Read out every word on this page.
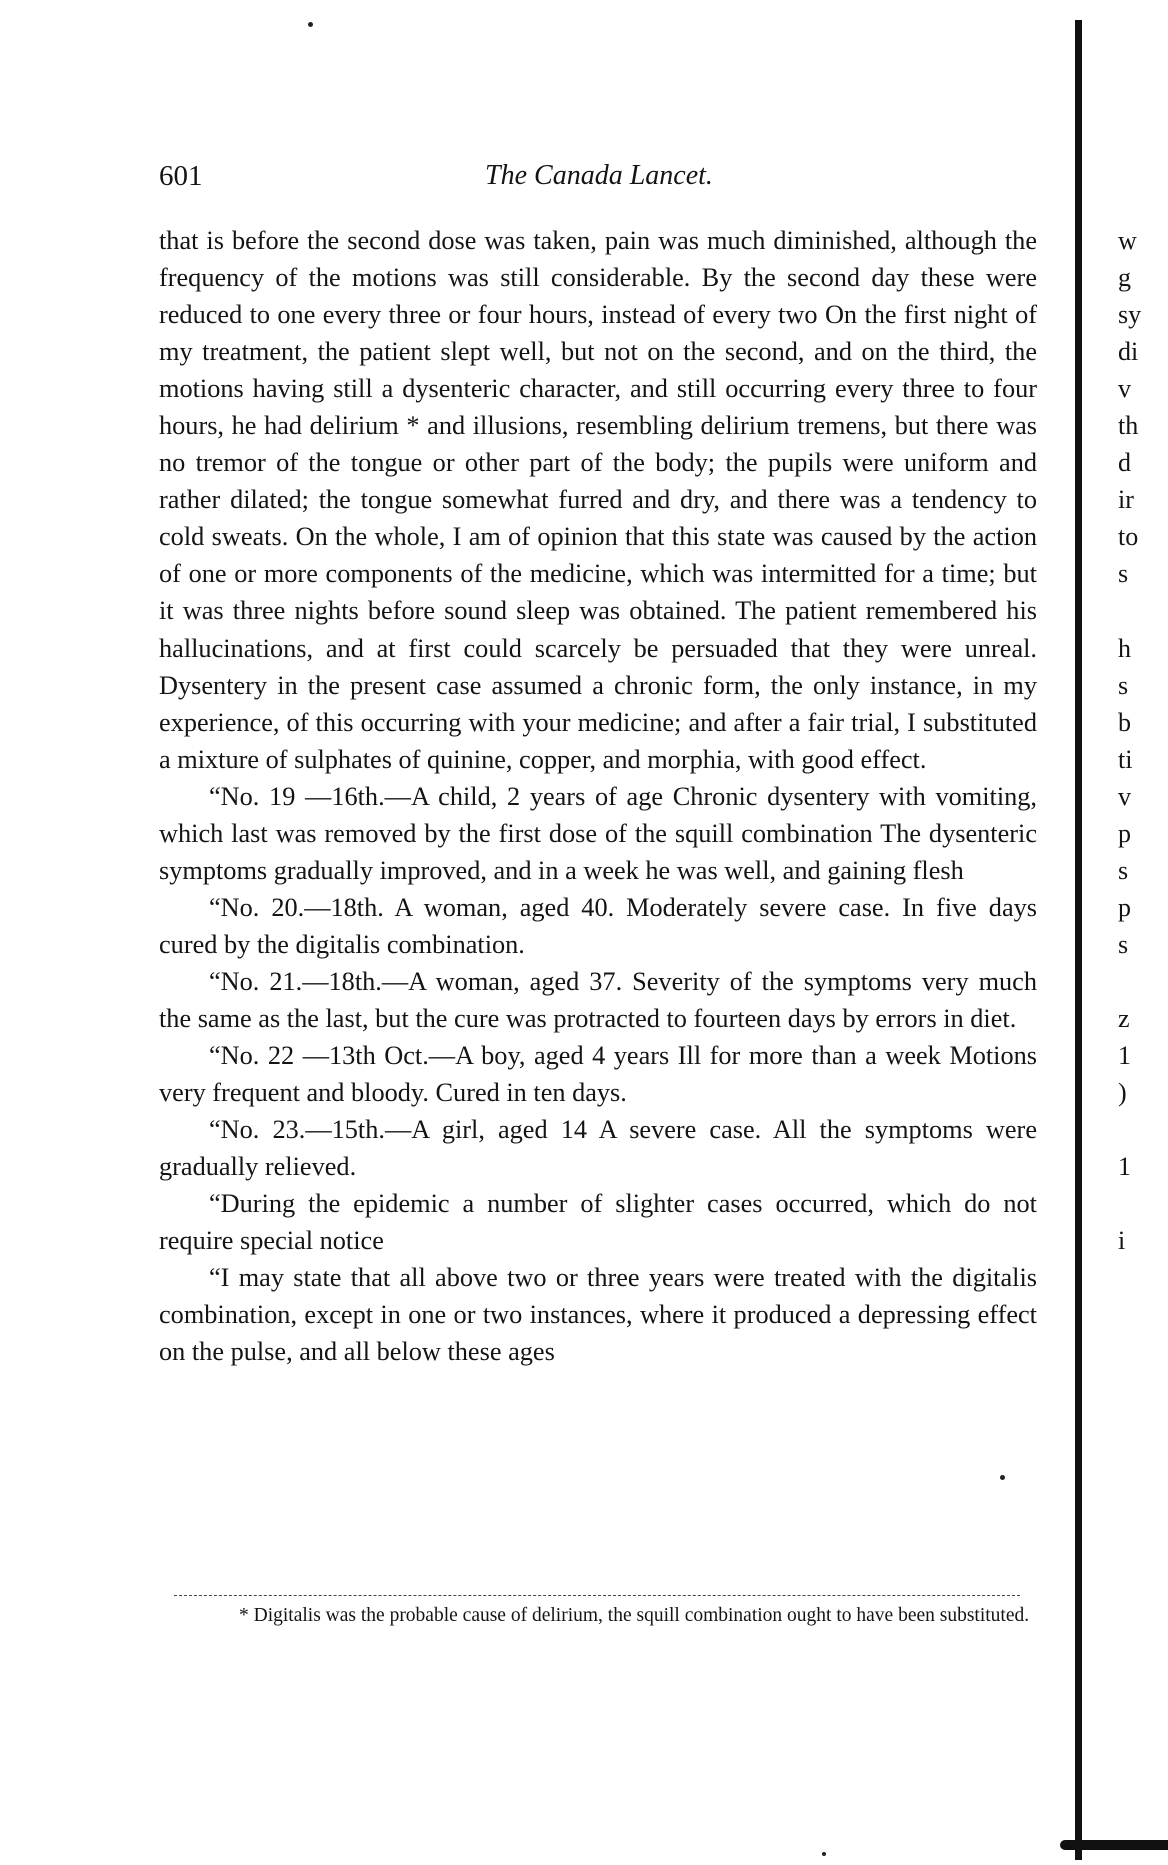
601	The Canada Lancet.

that is before the second dose was taken, pain was much diminished, although the frequency of the motions was still considerable. By the second day these were reduced to one every three or four hours, instead of every two On the first night of my treatment, the patient slept well, but not on the second, and on the third, the motions having still a dysenteric character, and still occurring every three to four hours, he had delirium * and illusions, resembling delirium tremens, but there was no tremor of the tongue or other part of the body; the pupils were uniform and rather dilated; the tongue somewhat furred and dry, and there was a tendency to cold sweats. On the whole, I am of opinion that this state was caused by the action of one or more components of the medicine, which was intermitted for a time; but it was three nights before sound sleep was obtained. The patient remembered his hallucinations, and at first could scarcely be persuaded that they were unreal. Dysentery in the present case assumed a chronic form, the only instance, in my experience, of this occurring with your medicine; and after a fair trial, I substituted a mixture of sulphates of quinine, copper, and morphia, with good effect.

“No. 19 —16th.—A child, 2 years of age Chronic dysentery with vomiting, which last was removed by the first dose of the squill combination The dysenteric symptoms gradually improved, and in a week he was well, and gaining flesh

“No. 20.—18th. A woman, aged 40. Moderately severe case. In five days cured by the digitalis combination.

“No. 21.—18th.—A woman, aged 37. Severity of the symptoms very much the same as the last, but the cure was protracted to fourteen days by errors in diet.

“No. 22 —13th Oct.—A boy, aged 4 years Ill for more than a week Motions very frequent and bloody. Cured in ten days.

“No. 23.—15th.—A girl, aged 14 A severe case. All the symptoms were gradually relieved.

“During the epidemic a number of slighter cases occurred, which do not require special notice

“I may state that all above two or three years were treated with the digitalis combination, except in one or two instances, where it produced a depressing effect on the pulse, and all below these ages

* Digitalis was the probable cause of delirium, the squill combination ought to have been substituted.
w
g
sy
di
v
th
d
ir
to
s
h
s
b
ti
v
p
s
p
s
z
1
)
1
i
